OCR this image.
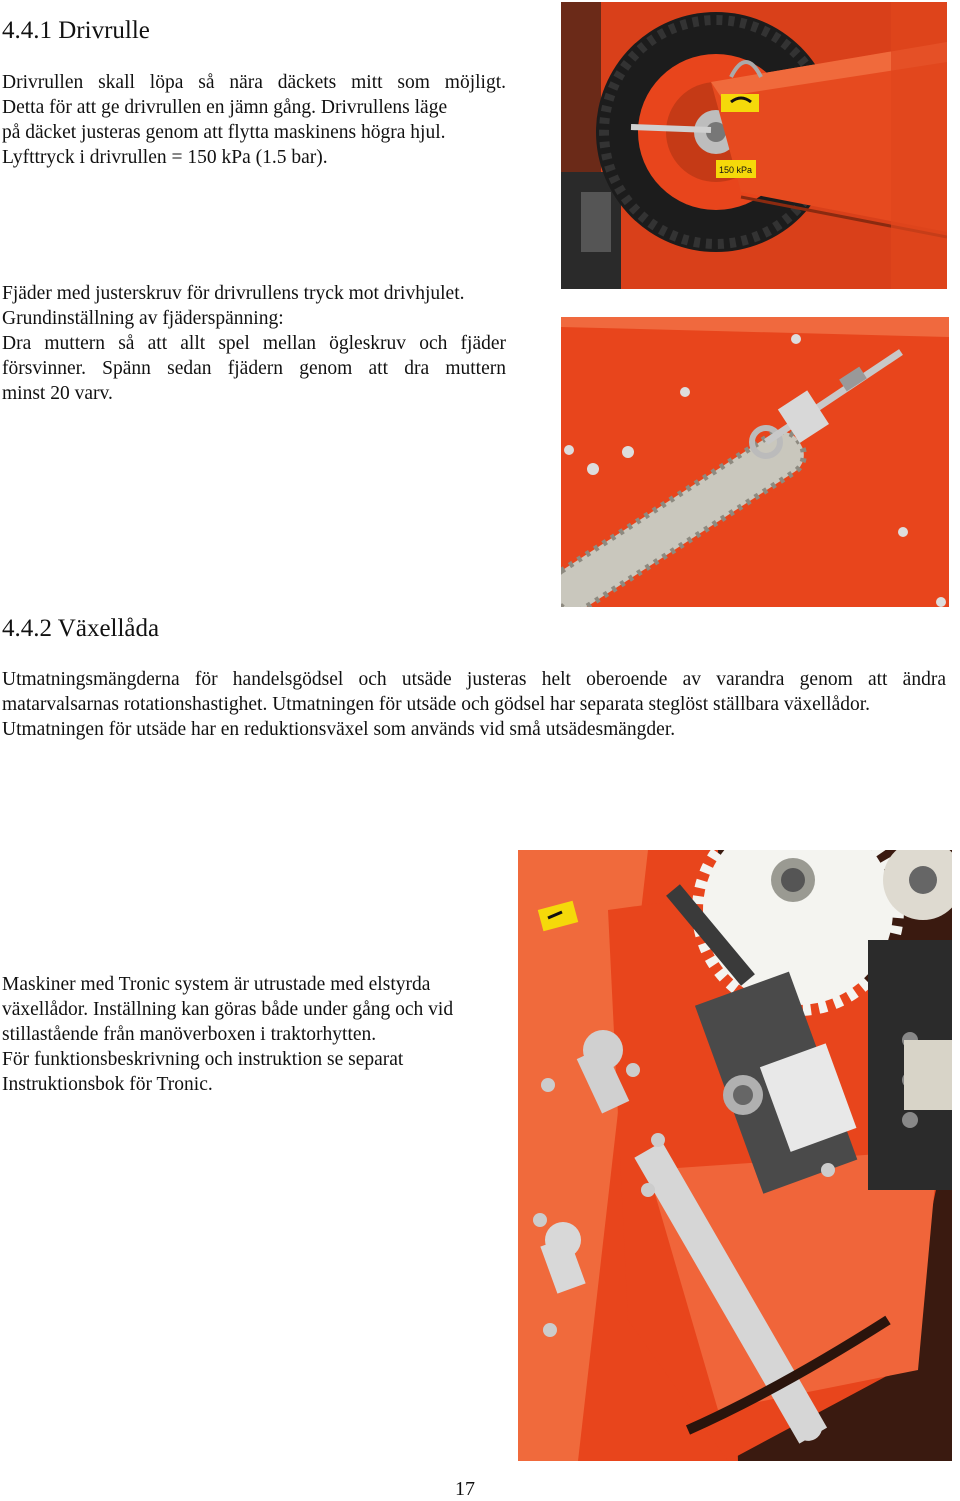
4.4.1 Drivrulle

Drivrullen skall löpa så nära däckets mitt som möjligt.

Detta för att ge drivrullen en jämn gång. Drivrullens läge

på däcket justeras genom att flytta maskinens högra hjul.

Lyfttryck i drivrullen = 150 kPa (1.5 bar).

Fjäder med justerskruv för drivrullens tryck mot drivhjulet.

Grundinställning av fjäderspänning:

Dra muttern så att allt spel mellan ögleskruv och fjäder

försvinner. Spänn sedan fjädern genom att dra muttern

minst 20 varv.

150 kPa
4.4.2 Växellåda

Utmatningsmängderna för handelsgödsel och utsäde justeras helt oberoende av varandra genom att ändra

matarvalsarnas rotationshastighet. Utmatningen för utsäde och gödsel har separata steglöst ställbara växellådor.

Utmatningen för utsäde har en reduktionsväxel som används vid små utsädesmängder.

Maskiner med Tronic system är utrustade med elstyrda

växellådor. Inställning kan göras både under gång och vid

stillastående från manöverboxen i traktorhytten.

För funktionsbeskrivning och instruktion se separat

Instruktionsbok för Tronic.

17
